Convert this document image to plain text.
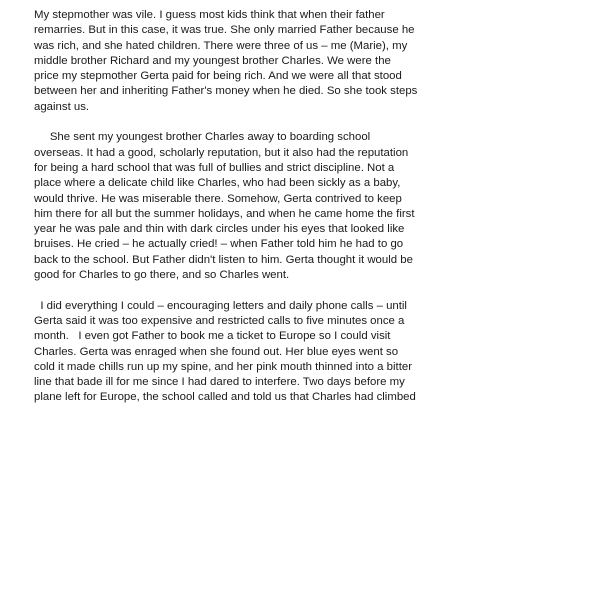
My stepmother was vile. I guess most kids think that when their father
remarries. But in this case, it was true. She only married Father because he
was rich, and she hated children. There were three of us – me (Marie), my
middle brother Richard and my youngest brother Charles. We were the
price my stepmother Gerta paid for being rich. And we were all that stood
between her and inheriting Father's money when he died. So she took steps
against us.

She sent my youngest brother Charles away to boarding school
overseas. It had a good, scholarly reputation, but it also had the reputation
for being a hard school that was full of bullies and strict discipline. Not a
place where a delicate child like Charles, who had been sickly as a baby,
would thrive. He was miserable there. Somehow, Gerta contrived to keep
him there for all but the summer holidays, and when he came home the first
year he was pale and thin with dark circles under his eyes that looked like
bruises. He cried – he actually cried! – when Father told him he had to go
back to the school. But Father didn't listen to him. Gerta thought it would be
good for Charles to go there, and so Charles went.

I did everything I could – encouraging letters and daily phone calls – until
Gerta said it was too expensive and restricted calls to five minutes once a
month.   I even got Father to book me a ticket to Europe so I could visit
Charles. Gerta was enraged when she found out. Her blue eyes went so
cold it made chills run up my spine, and her pink mouth thinned into a bitter
line that bade ill for me since I had dared to interfere. Two days before my
plane left for Europe, the school called and told us that Charles had climbed
